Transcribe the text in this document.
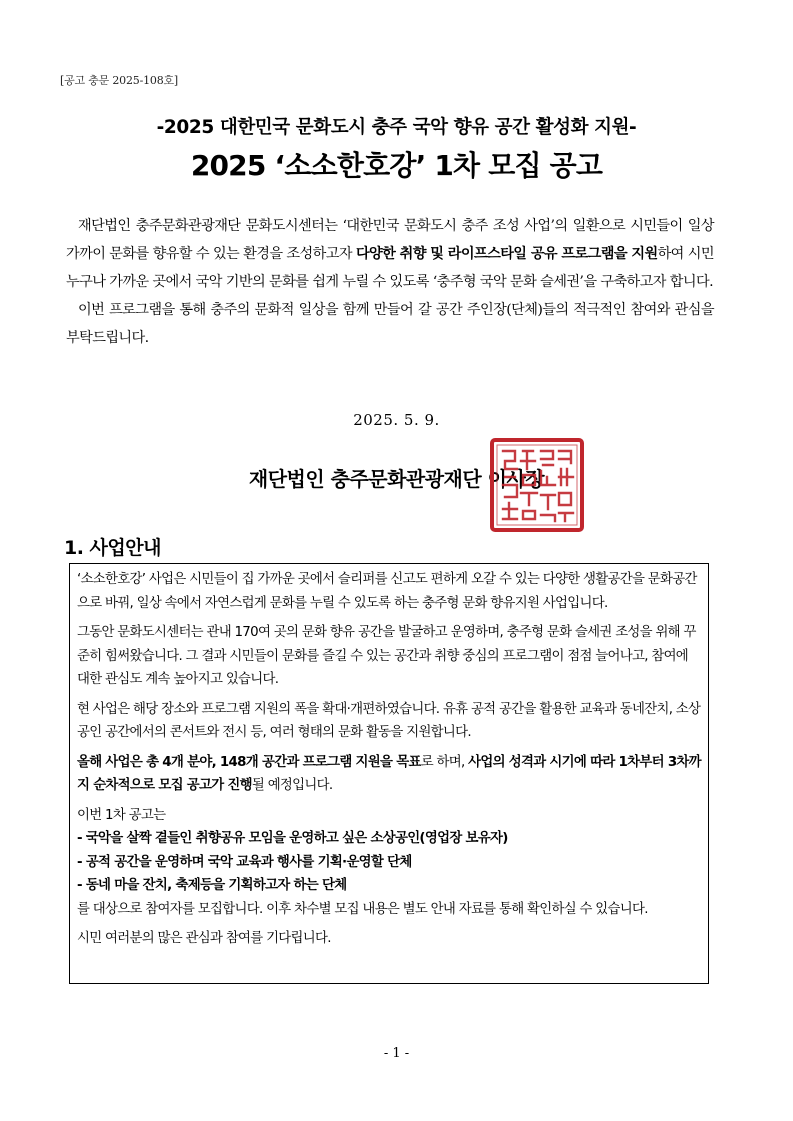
[공고 충문 2025-108호]
-2025 대한민국 문화도시 충주 국악 향유 공간 활성화 지원-
2025 ‘소소한호강’ 1차 모집 공고

재단법인 충주문화관광재단 문화도시센터는 ‘대한민국 문화도시 충주 조성 사업’의 일환으로 시민들이 일상 가까이 문화를 향유할 수 있는 환경을 조성하고자 다양한 취향 및 라이프스타일 공유 프로그램을 지원하여 시민 누구나 가까운 곳에서 국악 기반의 문화를 쉽게 누릴 수 있도록 ‘충주형 국악 문화 슬세권’을 구축하고자 합니다.

이번 프로그램을 통해 충주의 문화적 일상을 함께 만들어 갈 공간 주인장(단체)들의 적극적인 참여와 관심을 부탁드립니다.

2025. 5. 9.
재단법인 충주문화관광재단 이사장
1. 사업안내

‘소소한호강’ 사업은 시민들이 집 가까운 곳에서 슬리퍼를 신고도 편하게 오갈 수 있는 다양한 생활공간을 문화공간으로 바꿔, 일상 속에서 자연스럽게 문화를 누릴 수 있도록 하는 충주형 문화 향유지원 사업입니다.

그동안 문화도시센터는 관내 170여 곳의 문화 향유 공간을 발굴하고 운영하며, 충주형 문화 슬세권 조성을 위해 꾸준히 힘써왔습니다. 그 결과 시민들이 문화를 즐길 수 있는 공간과 취향 중심의 프로그램이 점점 늘어나고, 참여에 대한 관심도 계속 높아지고 있습니다.

현 사업은 해당 장소와 프로그램 지원의 폭을 확대·개편하였습니다. 유휴 공적 공간을 활용한 교육과 동네잔치, 소상공인 공간에서의 콘서트와 전시 등, 여러 형태의 문화 활동을 지원합니다.

올해 사업은 총 4개 분야, 148개 공간과 프로그램 지원을 목표로 하며, 사업의 성격과 시기에 따라 1차부터 3차까지 순차적으로 모집 공고가 진행될 예정입니다.

이번 1차 공고는
- 국악을 살짝 곁들인 취향공유 모임을 운영하고 싶은 소상공인(영업장 보유자)
- 공적 공간을 운영하며 국악 교육과 행사를 기획·운영할 단체
- 동네 마을 잔치, 축제등을 기획하고자 하는 단체
를 대상으로 참여자를 모집합니다. 이후 차수별 모집 내용은 별도 안내 자료를 통해 확인하실 수 있습니다.

시민 여러분의 많은 관심과 참여를 기다립니다.

- 1 -
